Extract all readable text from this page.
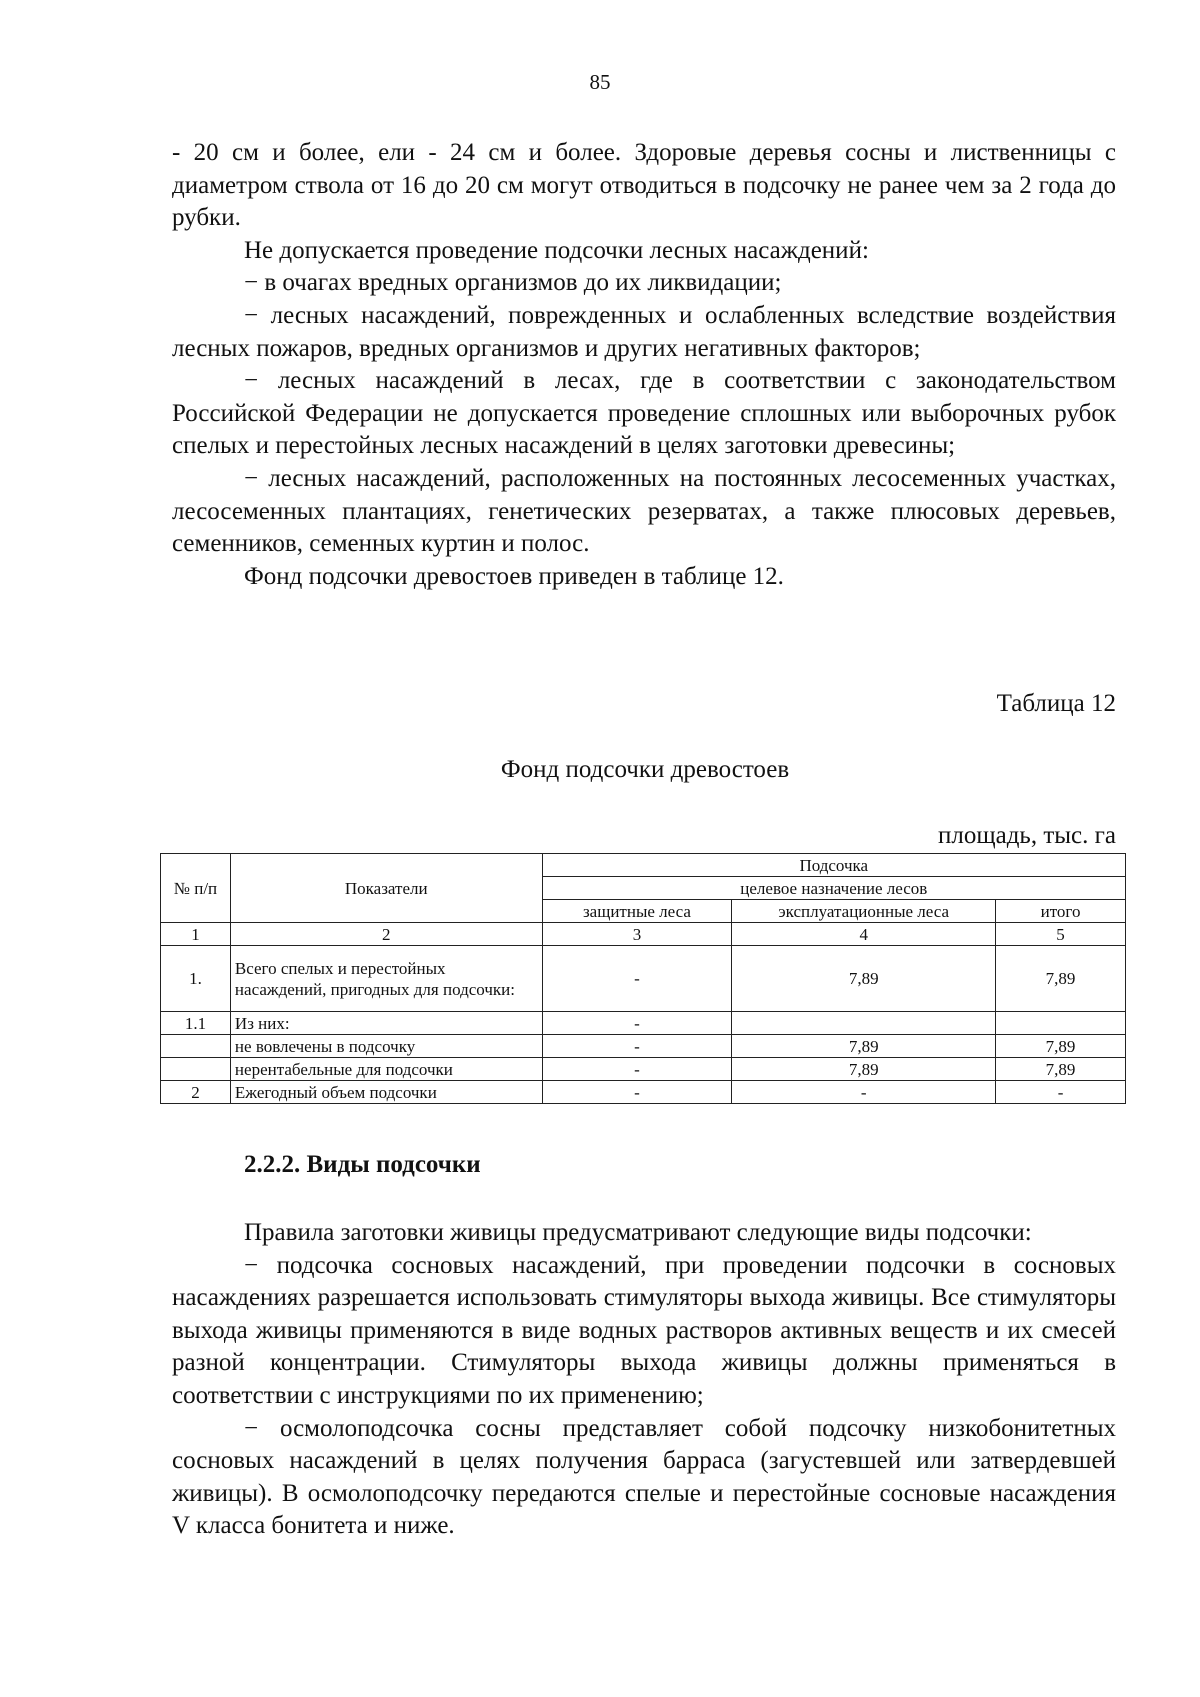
85

- 20 см и более, ели - 24 см и более. Здоровые деревья сосны и лиственницы с диаметром ствола от 16 до 20 см могут отводиться в подсочку не ранее чем за 2 года до рубки.

Не допускается проведение подсочки лесных насаждений:

− в очагах вредных организмов до их ликвидации;

− лесных насаждений, поврежденных и ослабленных вследствие воздействия лесных пожаров, вредных организмов и других негативных факторов;

− лесных насаждений в лесах, где в соответствии с законодательством Российской Федерации не допускается проведение сплошных или выборочных рубок спелых и перестойных лесных насаждений в целях заготовки древесины;

− лесных насаждений, расположенных на постоянных лесосеменных участках, лесосеменных плантациях, генетических резерватах, а также плюсовых деревьев, семенников, семенных куртин и полос.

Фонд подсочки древостоев приведен в таблице 12.

Таблица 12
Фонд подсочки древостоев
площадь, тыс. га
№ п/п	Показатели	Подсочка		
		целевое назначение лесов		
		защитные леса	эксплуатационные леса	итого
1	2	3	4	5
1.	Всего спелых и перестойных насаждений, пригодных для подсочки:	-	7,89	7,89
1.1	Из них:	-		
	не вовлечены в подсочку	-	7,89	7,89
	нерентабельные для подсочки	-	7,89	7,89
2	Ежегодный объем подсочки	-	-	-
2.2.2. Виды подсочки

Правила заготовки живицы предусматривают следующие виды подсочки:

− подсочка сосновых насаждений, при проведении подсочки в сосновых насаждениях разрешается использовать стимуляторы выхода живицы. Все стимуляторы выхода живицы применяются в виде водных растворов активных веществ и их смесей разной концентрации. Стимуляторы выхода живицы должны применяться в соответствии с инструкциями по их применению;

− осмолоподсочка сосны представляет собой подсочку низкобонитетных сосновых насаждений в целях получения барраса (загустевшей или затвердевшей живицы). В осмолоподсочку передаются спелые и перестойные сосновые насаждения V класса бонитета и ниже.
